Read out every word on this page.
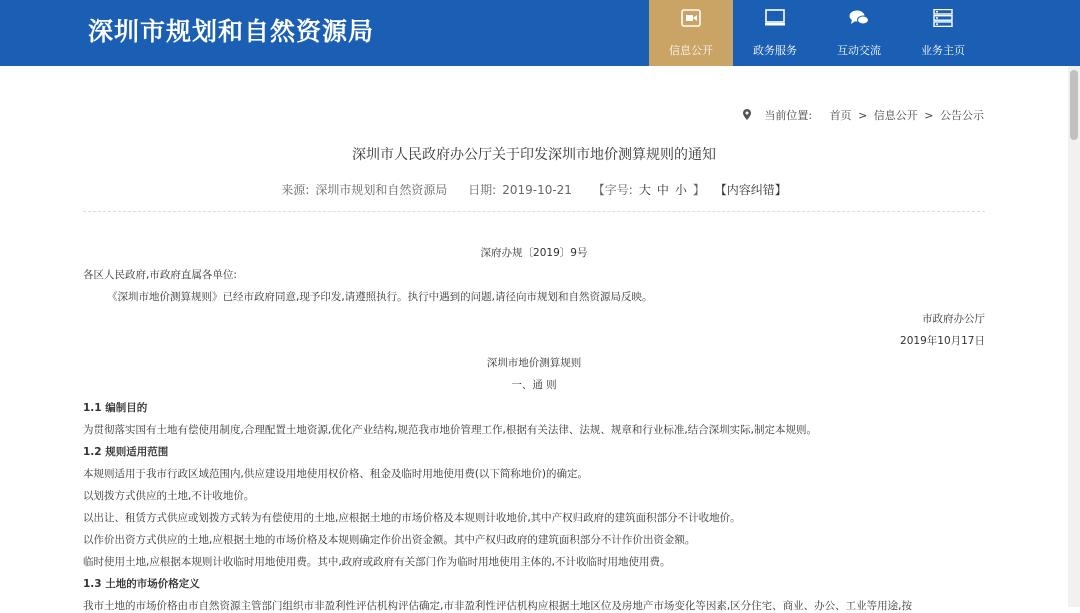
深圳市规划和自然资源局
信息公开	政务服务	互动交流	业务主页
当前位置: 首页 > 信息公开 > 公告公示
深圳市人民政府办公厅关于印发深圳市地价测算规则的通知
来源: 深圳市规划和自然资源局 日期: 2019-10-21 【字号: 大 中 小 】 【内容纠错】
深府办规〔2019〕9号
各区人民政府,市政府直属各单位:
《深圳市地价测算规则》已经市政府同意,现予印发,请遵照执行。执行中遇到的问题,请径向市规划和自然资源局反映。
市政府办公厅
2019年10月17日
深圳市地价测算规则
一、通 则
1.1 编制目的
为贯彻落实国有土地有偿使用制度,合理配置土地资源,优化产业结构,规范我市地价管理工作,根据有关法律、法规、规章和行业标准,结合深圳实际,制定本规则。
1.2 规则适用范围
本规则适用于我市行政区域范围内,供应建设用地使用权价格、租金及临时用地使用费(以下简称地价)的确定。
以划拨方式供应的土地,不计收地价。
以出让、租赁方式供应或划拨方式转为有偿使用的土地,应根据土地的市场价格及本规则计收地价,其中产权归政府的建筑面积部分不计收地价。
以作价出资方式供应的土地,应根据土地的市场价格及本规则确定作价出资金额。其中产权归政府的建筑面积部分不计作价出资金额。
临时使用土地,应根据本规则计收临时用地使用费。其中,政府或政府有关部门作为临时用地使用主体的,不计收临时用地使用费。
1.3 土地的市场价格定义
我市土地的市场价格由市自然资源主管部门组织市非盈利性评估机构评估确定,市非盈利性评估机构应根据土地区位及房地产市场变化等因素,区分住宅、商业、办公、工业等用途,按
